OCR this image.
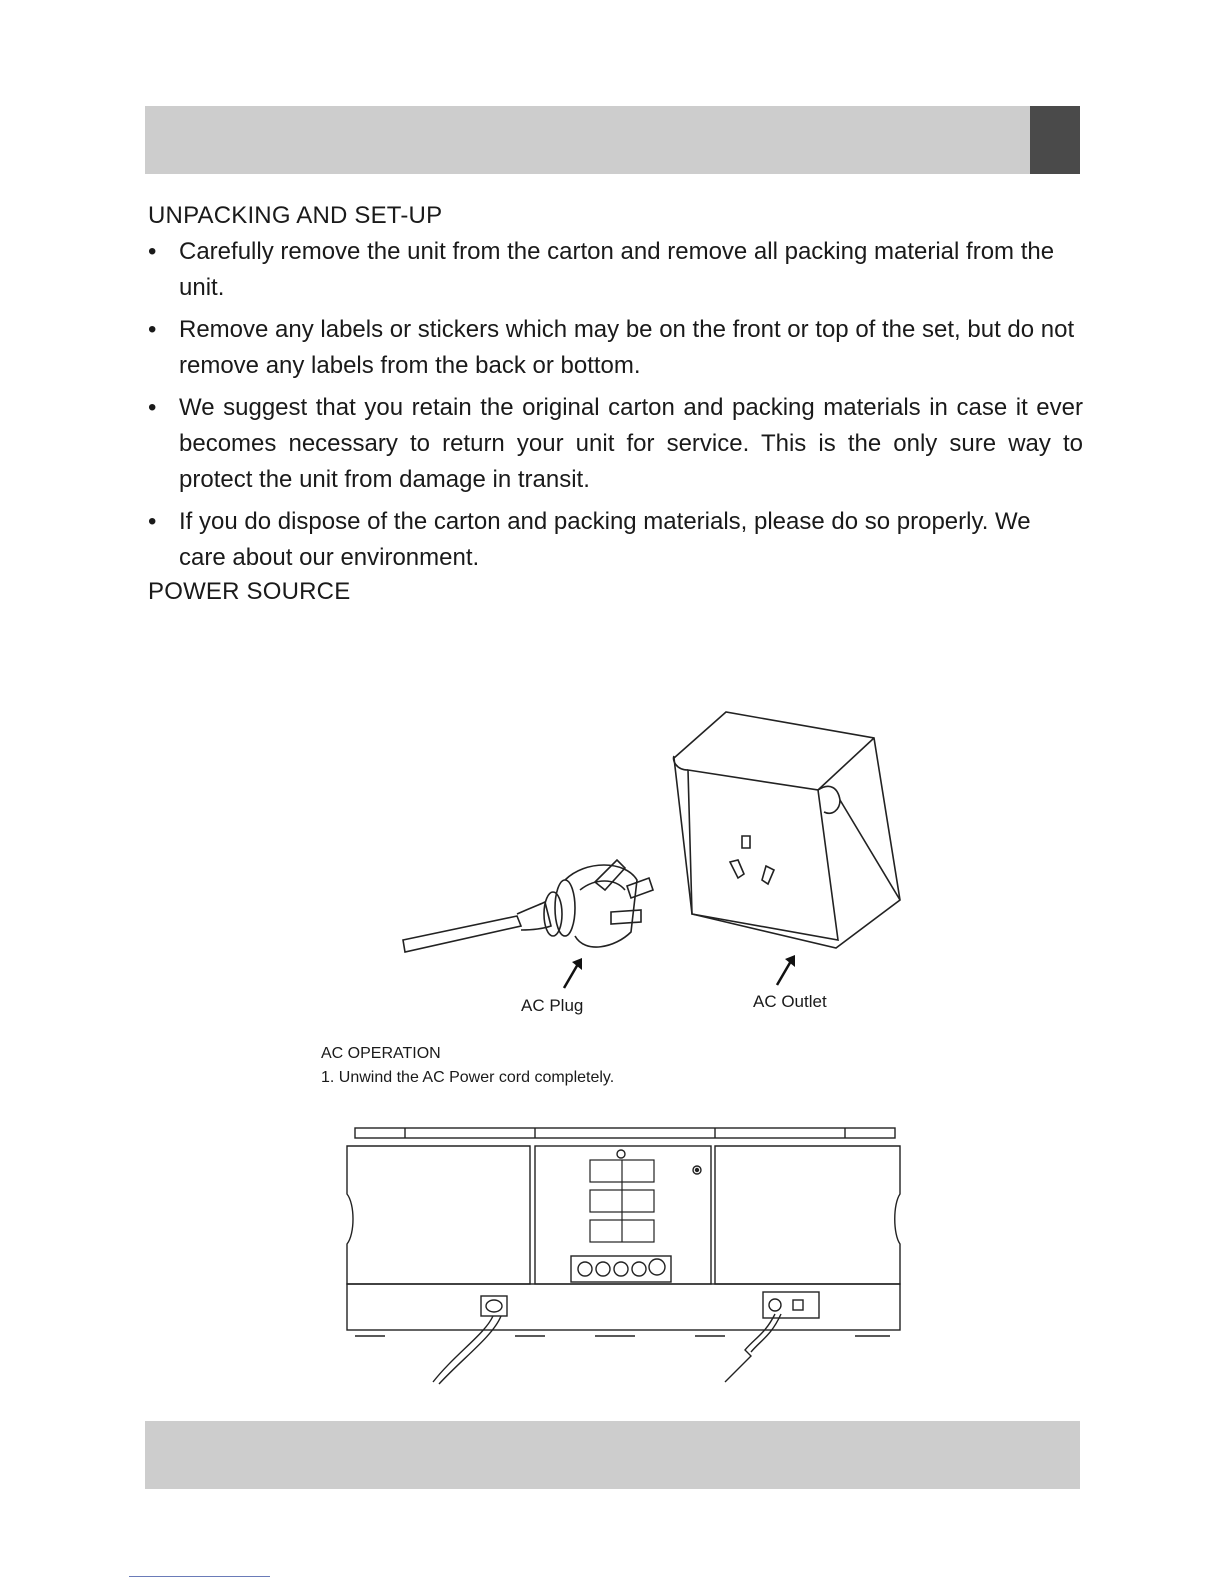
UNPACKING AND SET-UP
• Carefully remove the unit from the carton and remove all packing material from the unit.
• Remove any labels or stickers which may be on the front or top of the set, but do not remove any labels from the back or bottom.
• We suggest that you retain the original carton and packing materials in case it ever becomes necessary to return your unit for service. This is the only sure way to protect the unit from damage in transit.
• If you do dispose of the carton and packing materials, please do so properly. We care about our environment.
POWER SOURCE
AC Plug	AC Outlet

AC OPERATION

1. Unwind the AC Power cord completely.
